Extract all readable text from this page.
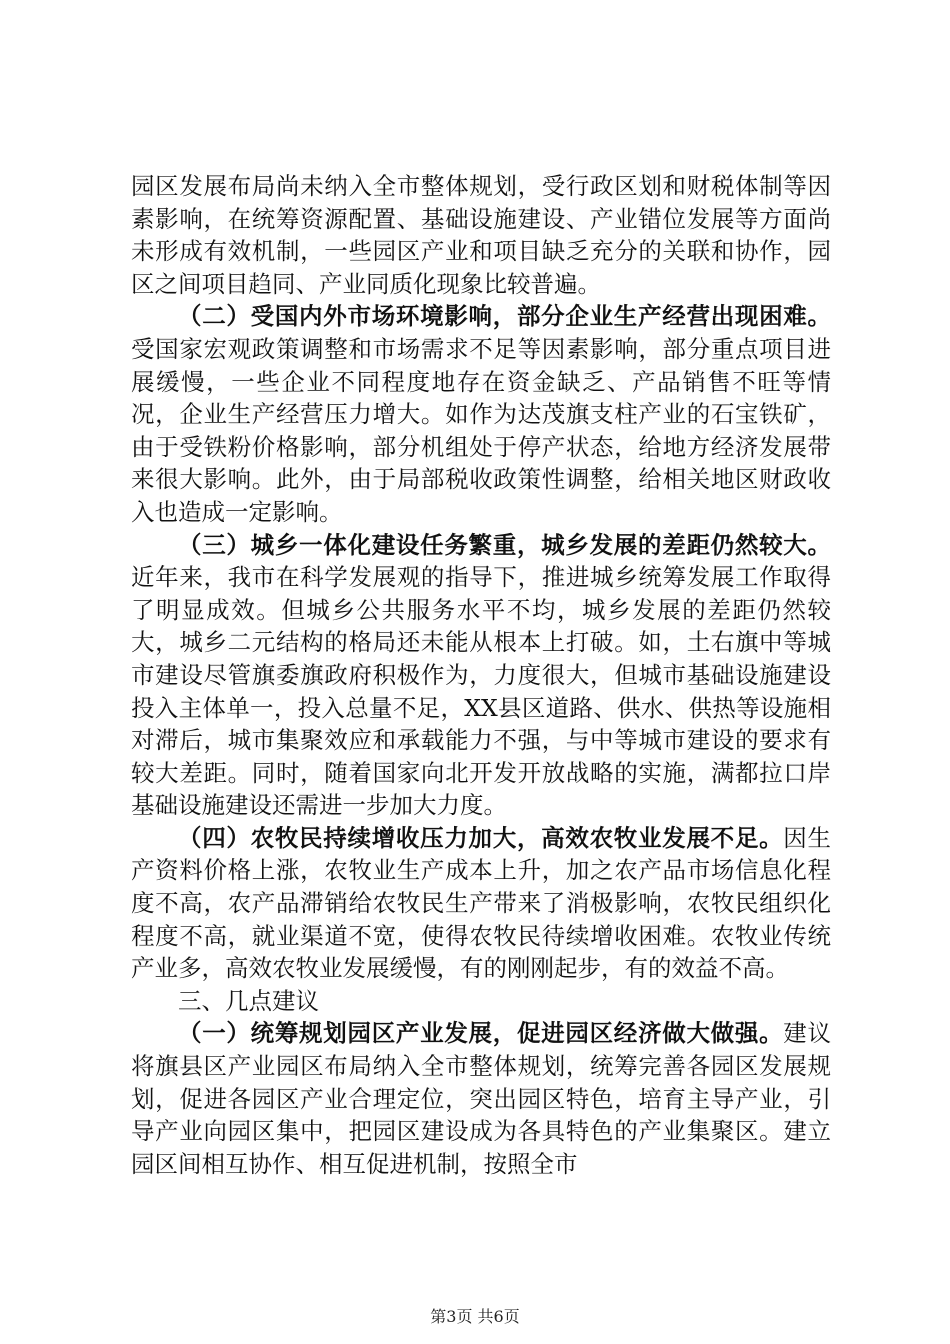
园区发展布局尚未纳入全市整体规划，受行政区划和财税体制等因素影响，在统筹资源配置、基础设施建设、产业错位发展等方面尚未形成有效机制，一些园区产业和项目缺乏充分的关联和协作，园区之间项目趋同、产业同质化现象比较普遍。

（二）受国内外市场环境影响，部分企业生产经营出现困难。受国家宏观政策调整和市场需求不足等因素影响，部分重点项目进展缓慢，一些企业不同程度地存在资金缺乏、产品销售不旺等情况，企业生产经营压力增大。如作为达茂旗支柱产业的石宝铁矿，由于受铁粉价格影响，部分机组处于停产状态，给地方经济发展带来很大影响。此外，由于局部税收政策性调整，给相关地区财政收入也造成一定影响。

（三）城乡一体化建设任务繁重，城乡发展的差距仍然较大。近年来，我市在科学发展观的指导下，推进城乡统筹发展工作取得了明显成效。但城乡公共服务水平不均，城乡发展的差距仍然较大，城乡二元结构的格局还未能从根本上打破。如，土右旗中等城市建设尽管旗委旗政府积极作为，力度很大，但城市基础设施建设投入主体单一，投入总量不足，XX县区道路、供水、供热等设施相对滞后，城市集聚效应和承载能力不强，与中等城市建设的要求有较大差距。同时，随着国家向北开发开放战略的实施，满都拉口岸基础设施建设还需进一步加大力度。

（四）农牧民持续增收压力加大，高效农牧业发展不足。因生产资料价格上涨，农牧业生产成本上升，加之农产品市场信息化程度不高，农产品滞销给农牧民生产带来了消极影响，农牧民组织化程度不高，就业渠道不宽，使得农牧民待续增收困难。农牧业传统产业多，高效农牧业发展缓慢，有的刚刚起步，有的效益不高。

三、几点建议

（一）统筹规划园区产业发展，促进园区经济做大做强。建议将旗县区产业园区布局纳入全市整体规划，统筹完善各园区发展规划，促进各园区产业合理定位，突出园区特色，培育主导产业，引导产业向园区集中，把园区建设成为各具特色的产业集聚区。建立园区间相互协作、相互促进机制，按照全市

第3页 共6页
